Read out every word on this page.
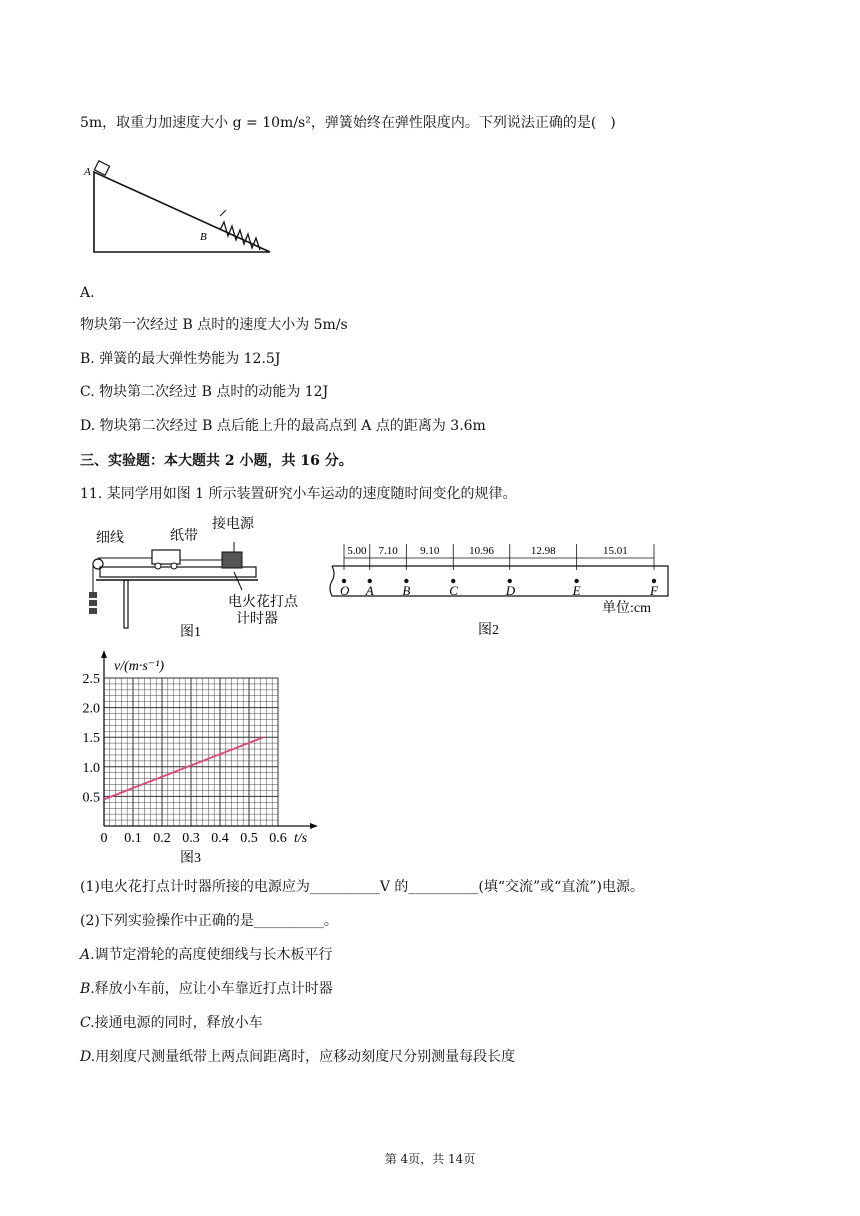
5m，取重力加速度大小 g = 10m/s²，弹簧始终在弹性限度内。下列说法正确的是(　)
A
B
A.
物块第一次经过 B 点时的速度大小为 5m/s
B. 弹簧的最大弹性势能为 12.5J
C. 物块第二次经过 B 点时的动能为 12J
D. 物块第二次经过 B 点后能上升的最高点到 A 点的距离为 3.6m
三、实验题：本大题共 2 小题，共 16 分。
11. 某同学用如图 1 所示装置研究小车运动的速度随时间变化的规律。
细线	纸带
接电源
电火花打点
计时器
图1
O A B	C	D	E	F
5.00 7.10 9.10	10.96	12.98	15.01
单位:cm
图2
0 0.1 0.2 0.3 0.4 0.5 0.6
0.5
1.0
1.5
2.0
2.5
v/(m·s⁻¹)
t/s
图3
(1)电火花打点计时器所接的电源应为__________V 的__________(填“交流”或“直流”)电源。
(2)下列实验操作中正确的是__________。
A.调节定滑轮的高度使细线与长木板平行
B.释放小车前，应让小车靠近打点计时器
C.接通电源的同时，释放小车
D.用刻度尺测量纸带上两点间距离时，应移动刻度尺分别测量每段长度
第 4页，共 14页
